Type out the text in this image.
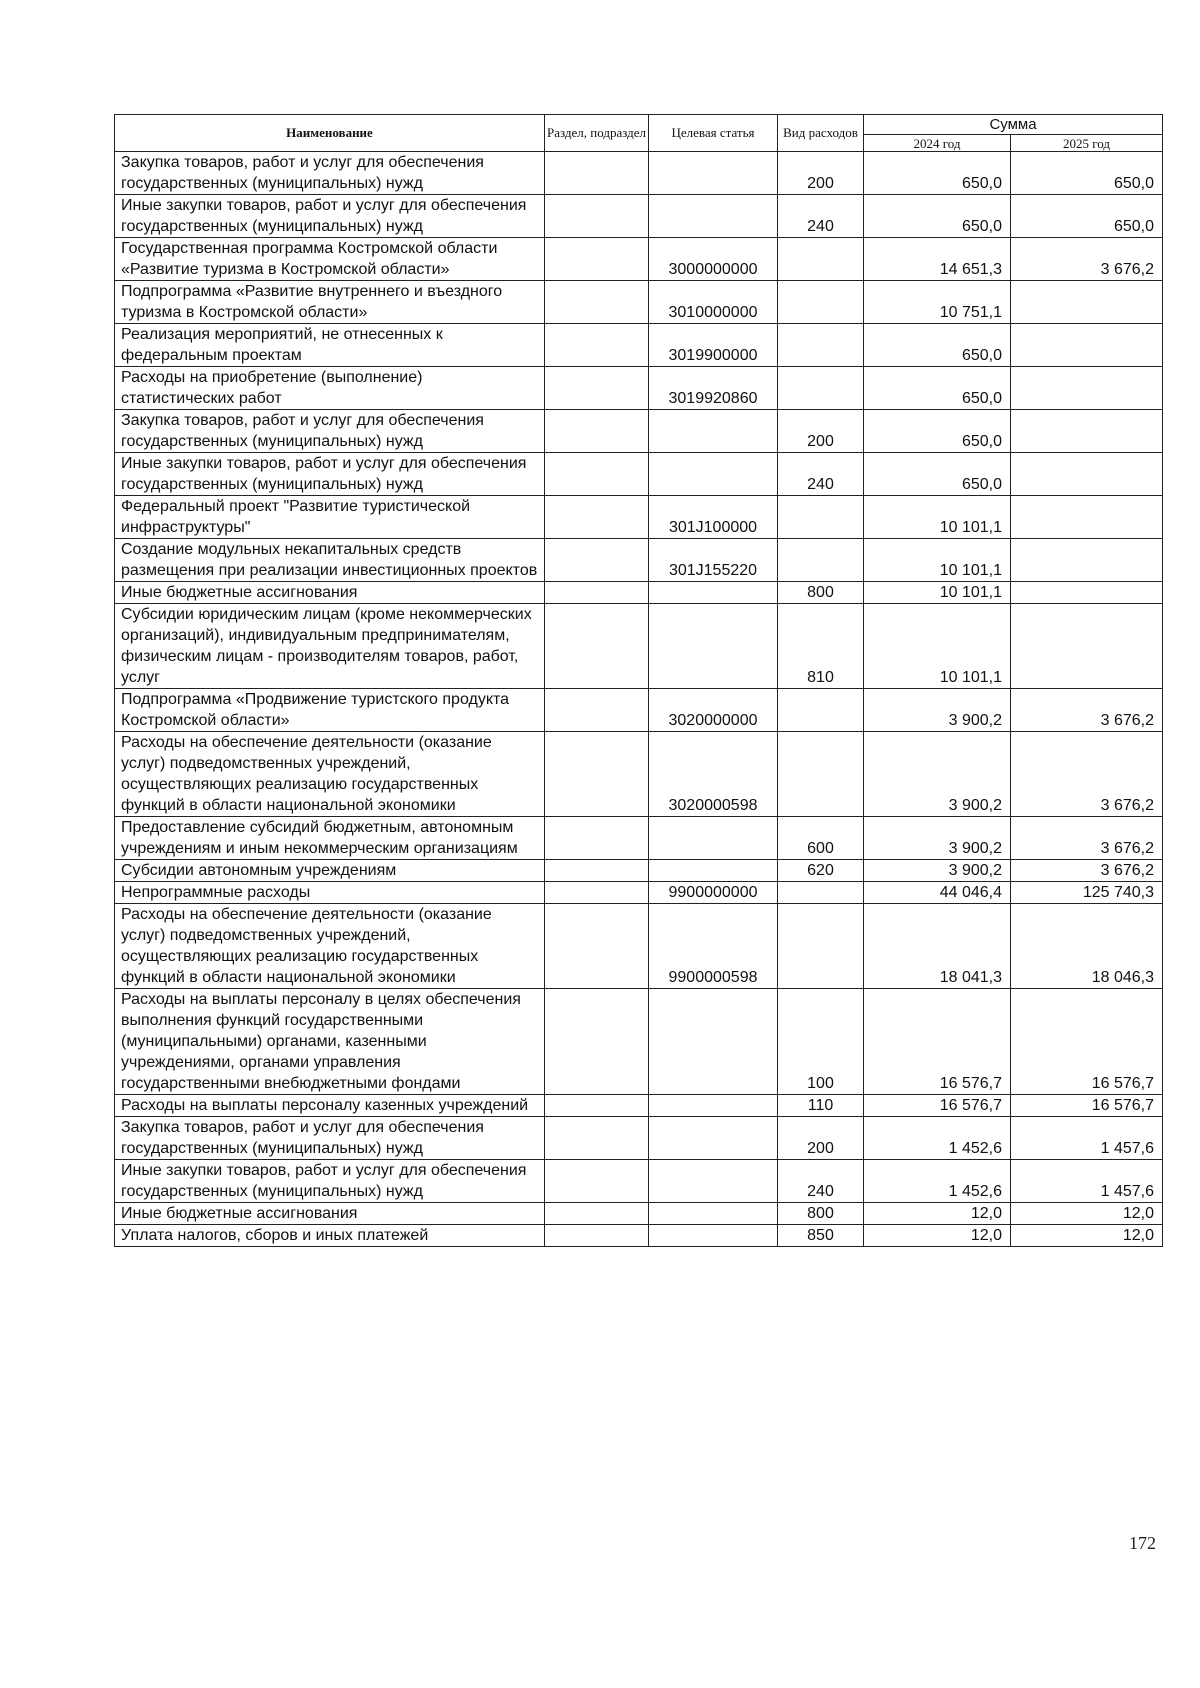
Наименование	Раздел, подраздел	Целевая статья	Вид расходов	Сумма	
				2024 год	2025 год
Закупка товаров, работ и услуг для обеспечения государственных (муниципальных) нужд			200	650,0	650,0
Иные закупки товаров, работ и услуг для обеспечения государственных (муниципальных) нужд			240	650,0	650,0
Государственная программа Костромской области «Развитие туризма в Костромской области»		3000000000		14 651,3	3 676,2
Подпрограмма «Развитие внутреннего и въездного туризма в Костромской области»		3010000000		10 751,1	
Реализация мероприятий, не отнесенных к федеральным проектам		3019900000		650,0	
Расходы на приобретение (выполнение) статистических работ		3019920860		650,0	
Закупка товаров, работ и услуг для обеспечения государственных (муниципальных) нужд			200	650,0	
Иные закупки товаров, работ и услуг для обеспечения государственных (муниципальных) нужд			240	650,0	
Федеральный проект "Развитие туристической инфраструктуры"		301J100000		10 101,1	
Создание модульных некапитальных средств размещения при реализации инвестиционных проектов		301J155220		10 101,1	
Иные бюджетные ассигнования			800	10 101,1	
Субсидии юридическим лицам (кроме некоммерческих организаций), индивидуальным предпринимателям, физическим лицам - производителям товаров, работ, услуг			810	10 101,1	
Подпрограмма «Продвижение туристского продукта Костромской области»		3020000000		3 900,2	3 676,2
Расходы на обеспечение деятельности (оказание услуг) подведомственных учреждений, осуществляющих реализацию государственных функций в области национальной экономики		3020000598		3 900,2	3 676,2
Предоставление субсидий бюджетным, автономным учреждениям и иным некоммерческим организациям			600	3 900,2	3 676,2
Субсидии автономным учреждениям			620	3 900,2	3 676,2
Непрограммные расходы		9900000000		44 046,4	125 740,3
Расходы на обеспечение деятельности (оказание услуг) подведомственных учреждений, осуществляющих реализацию государственных функций в области национальной экономики		9900000598		18 041,3	18 046,3
Расходы на выплаты персоналу в целях обеспечения выполнения функций государственными (муниципальными) органами, казенными учреждениями, органами управления государственными внебюджетными фондами			100	16 576,7	16 576,7
Расходы на выплаты персоналу казенных учреждений			110	16 576,7	16 576,7
Закупка товаров, работ и услуг для обеспечения государственных (муниципальных) нужд			200	1 452,6	1 457,6
Иные закупки товаров, работ и услуг для обеспечения государственных (муниципальных) нужд			240	1 452,6	1 457,6
Иные бюджетные ассигнования			800	12,0	12,0
Уплата налогов, сборов и иных платежей			850	12,0	12,0
172
